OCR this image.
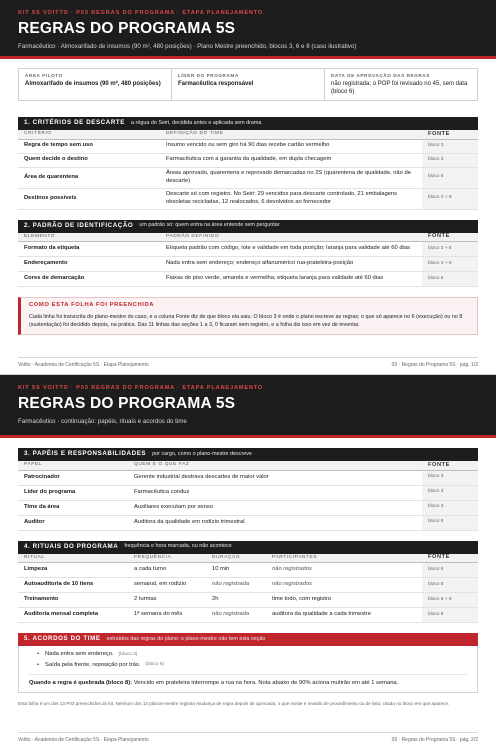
KIT 5S VOITTO · P03 REGRAS DO PROGRAMA · ETAPA PLANEJAMENTO
REGRAS DO PROGRAMA 5S
Farmacêutico · Almoxarifado de insumos (90 m², 480 posições) · Plano Mestre preenchido, blocos 3, 6 e 8 (caso ilustrativo)
ÁREA PILOTO
Almoxarifado de insumos (90 m², 480 posições)
LÍDER DO PROGRAMA
Farmacêutica responsável
DATA DE APROVAÇÃO DAS REGRAS
não registrada; o POP foi revisado no 45, sem data (bloco 6)
1. CRITÉRIOS DE DESCARTE a régua do Seiri, decidida antes e aplicada sem drama
CRITÉRIO	DEFINIÇÃO DO TIME	FONTE
Regra de tempo sem uso	Insumo vencido ou sem giro há 90 dias recebe cartão vermelho	bloco 3
Quem decide o destino	Farmacêutica com a garantia da qualidade, em dupla checagem	bloco 3
Área de quarentena	Áreas aprovado, quarentena e reprovado demarcadas no 2S (quarentena de qualidade, não de descarte)	bloco 6
Destinos possíveis	Descarte só com registro. No Seiri: 29 vencidos para descarte controlado, 21 embalagens obsoletas recicladas, 12 realocados, 6 devolvidos ao fornecedor	bloco 3 + 8
2. PADRÃO DE IDENTIFICAÇÃO um padrão só: quem entra na área entende sem perguntar
ELEMENTO	PADRÃO DEFINIDO	FONTE
Formato da etiqueta	Etiqueta padrão com código, lote e validade em toda posição; laranja para validade até 60 dias	bloco 3 + 6
Endereçamento	Nada entra sem endereço; endereço alfanumérico rua-prateleira-posição	bloco 3 + 6
Cores de demarcação	Faixas de piso verde, amarela e vermelha; etiqueta laranja para validade até 60 dias	bloco 6
COMO ESTA FOLHA FOI PREENCHIDA
Cada linha foi transcrita do plano-mestre do caso, e a coluna Fonte diz de que bloco ela saiu. O bloco 3 é onde o plano escreve as regras; o que só aparece no 6 (execução) ou no 8 (sustentação) foi decidido depois, na prática. Das 11 linhas das seções 1 a 3, 0 ficaram sem registro, e a folha diz isso em vez de inventar.
Voitto · Academia de Certificação 5S · Etapa Planejamento	03 · Regras do Programa 5S · pág. 1/2
KIT 5S VOITTO · P03 REGRAS DO PROGRAMA · ETAPA PLANEJAMENTO
REGRAS DO PROGRAMA 5S
Farmacêutico · continuação: papéis, rituais e acordos do time
3. PAPÉIS E RESPONSABILIDADES por cargo, como o plano-mestre descreve
PAPEL	QUEM E O QUE FAZ	FONTE
Patrocinador	Gerente industrial destrava descartes de maior valor	bloco 3
Líder do programa	Farmacêutica conduz	bloco 3
Time da área	Auxiliares executam por senso	bloco 3
Auditor	Auditora da qualidade em rodízio trimestral	bloco 8
4. RITUAIS DO PROGRAMA frequência e hora marcada, ou não acontece
RITUAL	FREQUÊNCIA	DURAÇÃO	PARTICIPANTES	FONTE
Limpeza	a cada turno	10 min	não registrados	bloco 6
Autoauditoria de 10 itens	semanal, em rodízio	não registrada	não registrados	bloco 8
Treinamento	2 turmas	2h	time todo, com registro	bloco 6 + 8
Auditoria mensal completa	1ª semana do mês	não registrada	auditora da qualidade a cada trimestre	bloco 8
5. ACORDOS DO TIME extraídos das regras do plano: o plano-mestre não tem esta seção
• Nada entra sem endereço. (bloco 3)
• Saída pela frente, reposição por trás. (bloco 6)
Quando a regra é quebrada (bloco 8): Vencido em prateleira interrompe a rua na hora. Nota abaixo de 90% aciona mutirão em até 1 semana.
Esta folha é um dos 13 P03 preenchidos do kit. Nenhum dos 13 planos-mestre registra mudança de regra depois de aprovada; o que existe é revisão de procedimento ou de lista, citada no bloco em que aparece.
Voitto · Academia de Certificação 5S · Etapa Planejamento	03 · Regras do Programa 5S · pág. 2/2
